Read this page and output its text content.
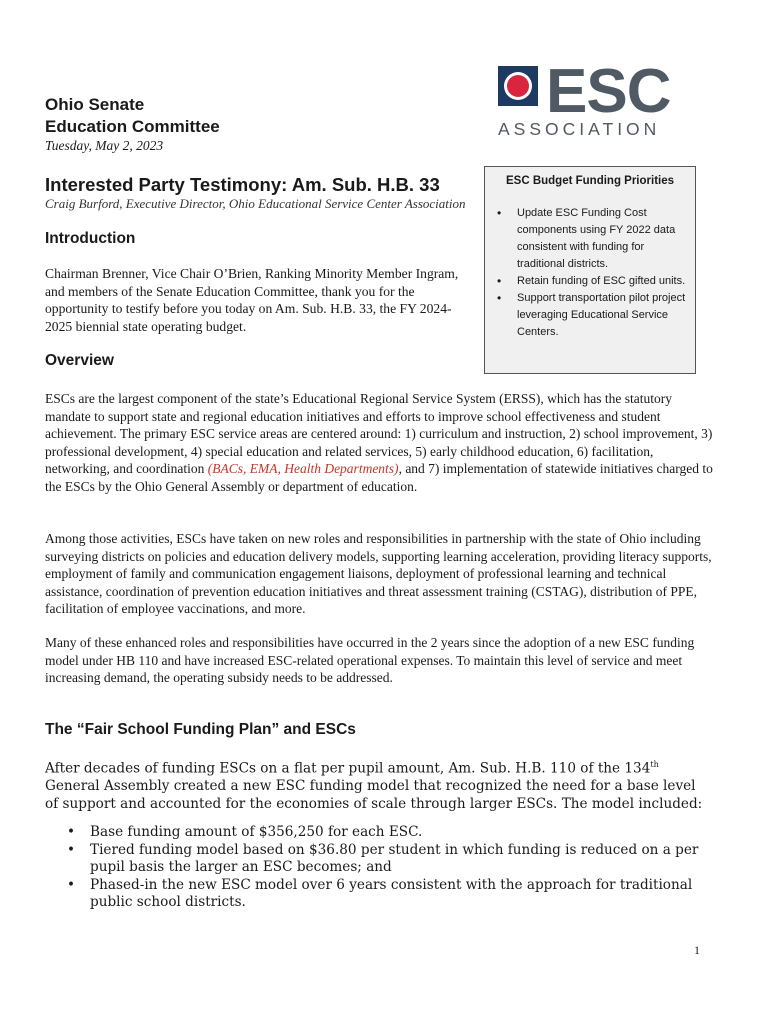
Ohio Senate
Education Committee
Tuesday, May 2, 2023
Interested Party Testimony: Am. Sub. H.B. 33
Craig Burford, Executive Director, Ohio Educational Service Center Association
ESC
ASSOCIATION
ESC Budget Funding Priorities
• Update ESC Funding Cost components using FY 2022 data consistent with funding for traditional districts.
• Retain funding of ESC gifted units.
• Support transportation pilot project leveraging Educational Service Centers.
Introduction
Chairman Brenner, Vice Chair O’Brien, Ranking Minority Member Ingram, and members of the Senate Education Committee, thank you for the opportunity to testify before you today on Am. Sub. H.B. 33, the FY 2024-2025 biennial state operating budget.
Overview
ESCs are the largest component of the state’s Educational Regional Service System (ERSS), which has the statutory mandate to support state and regional education initiatives and efforts to improve school effectiveness and student achievement. The primary ESC service areas are centered around: 1) curriculum and instruction, 2) school improvement, 3) professional development, 4) special education and related services, 5) early childhood education, 6) facilitation, networking, and coordination (BACs, EMA, Health Departments), and 7) implementation of statewide initiatives charged to the ESCs by the Ohio General Assembly or department of education.
Among those activities, ESCs have taken on new roles and responsibilities in partnership with the state of Ohio including surveying districts on policies and education delivery models, supporting learning acceleration, providing literacy supports, employment of family and communication engagement liaisons, deployment of professional learning and technical assistance, coordination of prevention education initiatives and threat assessment training (CSTAG), distribution of PPE, facilitation of employee vaccinations, and more.
Many of these enhanced roles and responsibilities have occurred in the 2 years since the adoption of a new ESC funding model under HB 110 and have increased ESC-related operational expenses. To maintain this level of service and meet increasing demand, the operating subsidy needs to be addressed.
The “Fair School Funding Plan” and ESCs
After decades of funding ESCs on a flat per pupil amount, Am. Sub. H.B. 110 of the 134th General Assembly created a new ESC funding model that recognized the need for a base level of support and accounted for the economies of scale through larger ESCs. The model included:
• Base funding amount of $356,250 for each ESC.
• Tiered funding model based on $36.80 per student in which funding is reduced on a per pupil basis the larger an ESC becomes; and
• Phased-in the new ESC model over 6 years consistent with the approach for traditional public school districts.
1
